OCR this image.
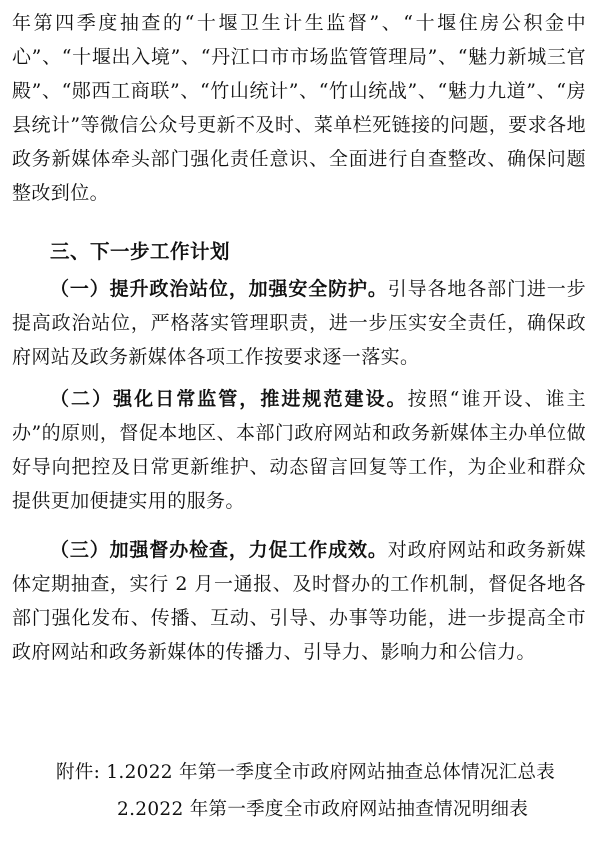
年第四季度抽查的“十堰卫生计生监督”、“十堰住房公积金中心”、“十堰出入境”、“丹江口市市场监管管理局”、“魅力新城三官殿”、“郧西工商联”、“竹山统计”、“竹山统战”、“魅力九道”、“房县统计”等微信公众号更新不及时、菜单栏死链接的问题，要求各地政务新媒体牵头部门强化责任意识、全面进行自查整改、确保问题整改到位。

三、下一步工作计划

（一）提升政治站位，加强安全防护。引导各地各部门进一步提高政治站位，严格落实管理职责，进一步压实安全责任，确保政府网站及政务新媒体各项工作按要求逐一落实。

（二）强化日常监管，推进规范建设。按照“谁开设、谁主办”的原则，督促本地区、本部门政府网站和政务新媒体主办单位做好导向把控及日常更新维护、动态留言回复等工作，为企业和群众提供更加便捷实用的服务。

（三）加强督办检查，力促工作成效。对政府网站和政务新媒体定期抽查，实行 2 月一通报、及时督办的工作机制，督促各地各部门强化发布、传播、互动、引导、办事等功能，进一步提高全市政府网站和政务新媒体的传播力、引导力、影响力和公信力。

附件: 1.2022 年第一季度全市政府网站抽查总体情况汇总表

2.2022 年第一季度全市政府网站抽查情况明细表
